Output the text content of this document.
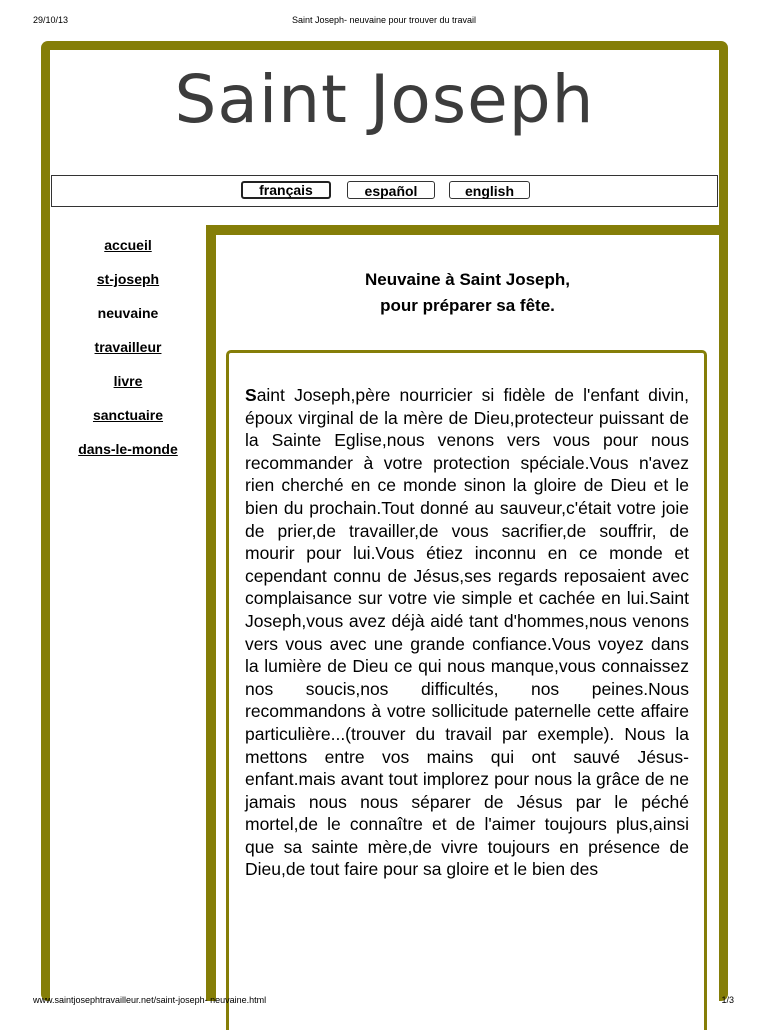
29/10/13	Saint Joseph- neuvaine pour trouver du travail
Saint Joseph
français	español	english
accueil
st-joseph
neuvaine
travailleur
livre
sanctuaire
dans-le-monde
Neuvaine à Saint Joseph,
pour préparer sa fête.
Saint Joseph,père nourricier si fidèle de l'enfant divin, époux virginal de la mère de Dieu,protecteur puissant de la Sainte Eglise,nous venons vers vous pour nous recommander à votre protection spéciale.Vous n'avez rien cherché en ce monde sinon la gloire de Dieu et le bien du prochain.Tout donné au sauveur,c'était votre joie de prier,de travailler,de vous sacrifier,de souffrir, de mourir pour lui.Vous étiez inconnu en ce monde et cependant connu de Jésus,ses regards reposaient avec complaisance sur votre vie simple et cachée en lui.Saint Joseph,vous avez déjà aidé tant d'hommes,nous venons vers vous avec une grande confiance.Vous voyez dans la lumière de Dieu ce qui nous manque,vous connaissez nos soucis,nos difficultés, nos peines.Nous recommandons à votre sollicitude paternelle cette affaire particulière...(trouver du travail par exemple). Nous la mettons entre vos mains qui ont sauvé Jésus-enfant.mais avant tout implorez pour nous la grâce de ne jamais nous nous séparer de Jésus par le péché mortel,de le connaître et de l'aimer toujours plus,ainsi que sa sainte mère,de vivre toujours en présence de Dieu,de tout faire pour sa gloire et le bien des
www.saintjosephtravailleur.net/saint-joseph- neuvaine.html	1/3
